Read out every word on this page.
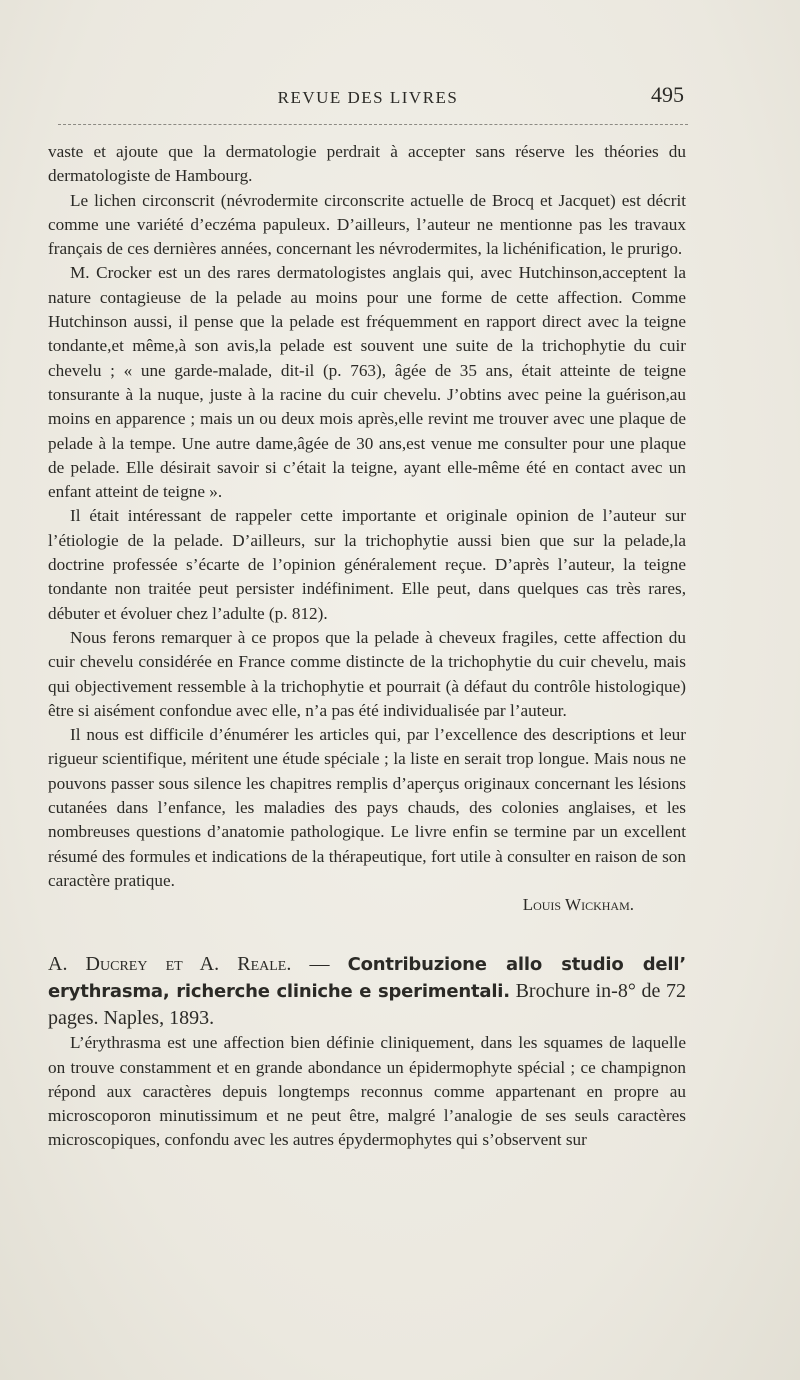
REVUE DES LIVRES	495

vaste et ajoute que la dermatologie perdrait à accepter sans réserve les théories du dermatologiste de Hambourg.

Le lichen circonscrit (névrodermite circonscrite actuelle de Brocq et Jacquet) est décrit comme une variété d’eczéma papuleux. D’ailleurs, l’auteur ne mentionne pas les travaux français de ces dernières années, concernant les névrodermites, la lichénification, le prurigo.

M. Crocker est un des rares dermatologistes anglais qui, avec Hutchinson,acceptent la nature contagieuse de la pelade au moins pour une forme de cette affection. Comme Hutchinson aussi, il pense que la pelade est fréquemment en rapport direct avec la teigne tondante,et même,à son avis,la pelade est souvent une suite de la trichophytie du cuir chevelu ; « une garde-malade, dit-il (p. 763), âgée de 35 ans, était atteinte de teigne tonsurante à la nuque, juste à la racine du cuir chevelu. J’obtins avec peine la guérison,au moins en apparence ; mais un ou deux mois après,elle revint me trouver avec une plaque de pelade à la tempe. Une autre dame,âgée de 30 ans,est venue me consulter pour une plaque de pelade. Elle désirait savoir si c’était la teigne, ayant elle-même été en contact avec un enfant atteint de teigne ».

Il était intéressant de rappeler cette importante et originale opinion de l’auteur sur l’étiologie de la pelade. D’ailleurs, sur la trichophytie aussi bien que sur la pelade,la doctrine professée s’écarte de l’opinion généralement reçue. D’après l’auteur, la teigne tondante non traitée peut persister indéfiniment. Elle peut, dans quelques cas très rares, débuter et évoluer chez l’adulte (p. 812).

Nous ferons remarquer à ce propos que la pelade à cheveux fragiles, cette affection du cuir chevelu considérée en France comme distincte de la trichophytie du cuir chevelu, mais qui objectivement ressemble à la trichophytie et pourrait (à défaut du contrôle histologique) être si aisément confondue avec elle, n’a pas été individualisée par l’auteur.

Il nous est difficile d’énumérer les articles qui, par l’excellence des descriptions et leur rigueur scientifique, méritent une étude spéciale ; la liste en serait trop longue. Mais nous ne pouvons passer sous silence les chapitres remplis d’aperçus originaux concernant les lésions cutanées dans l’enfance, les maladies des pays chauds, des colonies anglaises, et les nombreuses questions d’anatomie pathologique. Le livre enfin se termine par un excellent résumé des formules et indications de la thérapeutique, fort utile à consulter en raison de son caractère pratique.

Louis Wickham.
A. Ducrey et A. Reale. — Contribuzione allo studio dell’ erythrasma, richerche cliniche e sperimentali. Brochure in-8° de 72 pages. Naples, 1893.

L’érythrasma est une affection bien définie cliniquement, dans les squames de laquelle on trouve constamment et en grande abondance un épidermophyte spécial ; ce champignon répond aux caractères depuis longtemps reconnus comme appartenant en propre au microscoporon minutissimum et ne peut être, malgré l’analogie de ses seuls caractères microscopiques, confondu avec les autres épydermophytes qui s’observent sur
